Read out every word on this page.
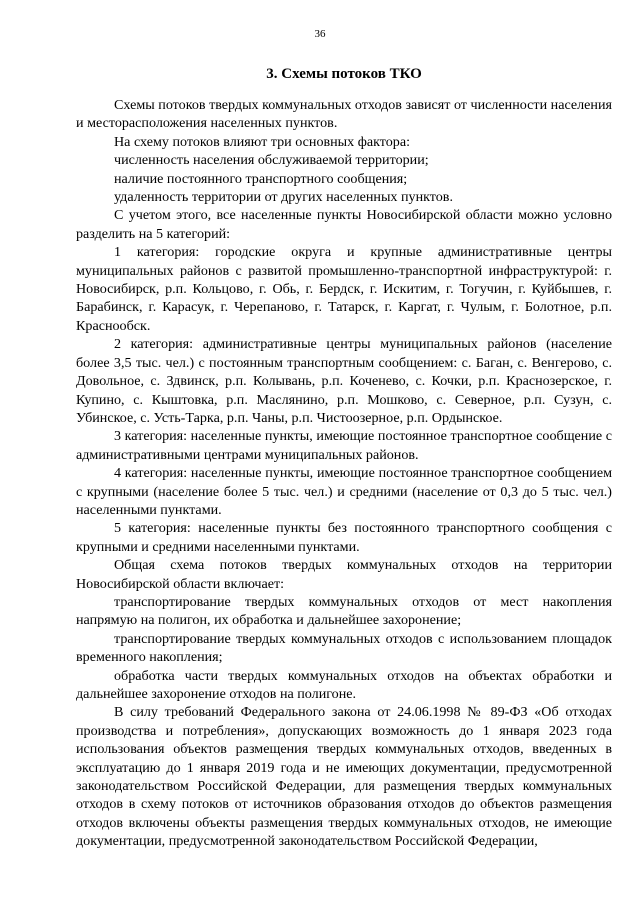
36
3. Схемы потоков ТКО

Схемы потоков твердых коммунальных отходов зависят от численности населения и месторасположения населенных пунктов.

На схему потоков влияют три основных фактора:

численность населения обслуживаемой территории;

наличие постоянного транспортного сообщения;

удаленность территории от других населенных пунктов.

С учетом этого, все населенные пункты Новосибирской области можно условно разделить на 5 категорий:

1 категория: городские округа и крупные административные центры муниципальных районов с развитой промышленно-транспортной инфраструктурой: г. Новосибирск, р.п. Кольцово, г. Обь, г. Бердск, г. Искитим, г. Тогучин, г. Куйбышев, г. Барабинск, г. Карасук, г. Черепаново, г. Татарск, г. Каргат, г. Чулым, г. Болотное, р.п. Краснообск.

2 категория: административные центры муниципальных районов (население более 3,5 тыс. чел.) с постоянным транспортным сообщением: с. Баган, с. Венгерово, с. Довольное, с. Здвинск, р.п. Колывань, р.п. Коченево, с. Кочки, р.п. Краснозерское, г. Купино, с. Кыштовка, р.п. Маслянино, р.п. Мошково, с. Северное, р.п. Сузун, с. Убинское, с. Усть-Тарка, р.п. Чаны, р.п. Чистоозерное, р.п. Ордынское.

3 категория: населенные пункты, имеющие постоянное транспортное сообщение с административными центрами муниципальных районов.

4 категория: населенные пункты, имеющие постоянное транспортное сообщением с крупными (население более 5 тыс. чел.) и средними (население от 0,3 до 5 тыс. чел.) населенными пунктами.

5 категория: населенные пункты без постоянного транспортного сообщения с крупными и средними населенными пунктами.

Общая схема потоков твердых коммунальных отходов на территории Новосибирской области включает:

транспортирование твердых коммунальных отходов от мест накопления напрямую на полигон, их обработка и дальнейшее захоронение;

транспортирование твердых коммунальных отходов с использованием площадок временного накопления;

обработка части твердых коммунальных отходов на объектах обработки и дальнейшее захоронение отходов на полигоне.

В силу требований Федерального закона от 24.06.1998 № 89-ФЗ «Об отходах производства и потребления», допускающих возможность до 1 января 2023 года использования объектов размещения твердых коммунальных отходов, введенных в эксплуатацию до 1 января 2019 года и не имеющих документации, предусмотренной законодательством Российской Федерации, для размещения твердых коммунальных отходов в схему потоков от источников образования отходов до объектов размещения отходов включены объекты размещения твердых коммунальных отходов, не имеющие документации, предусмотренной законодательством Российской Федерации,
